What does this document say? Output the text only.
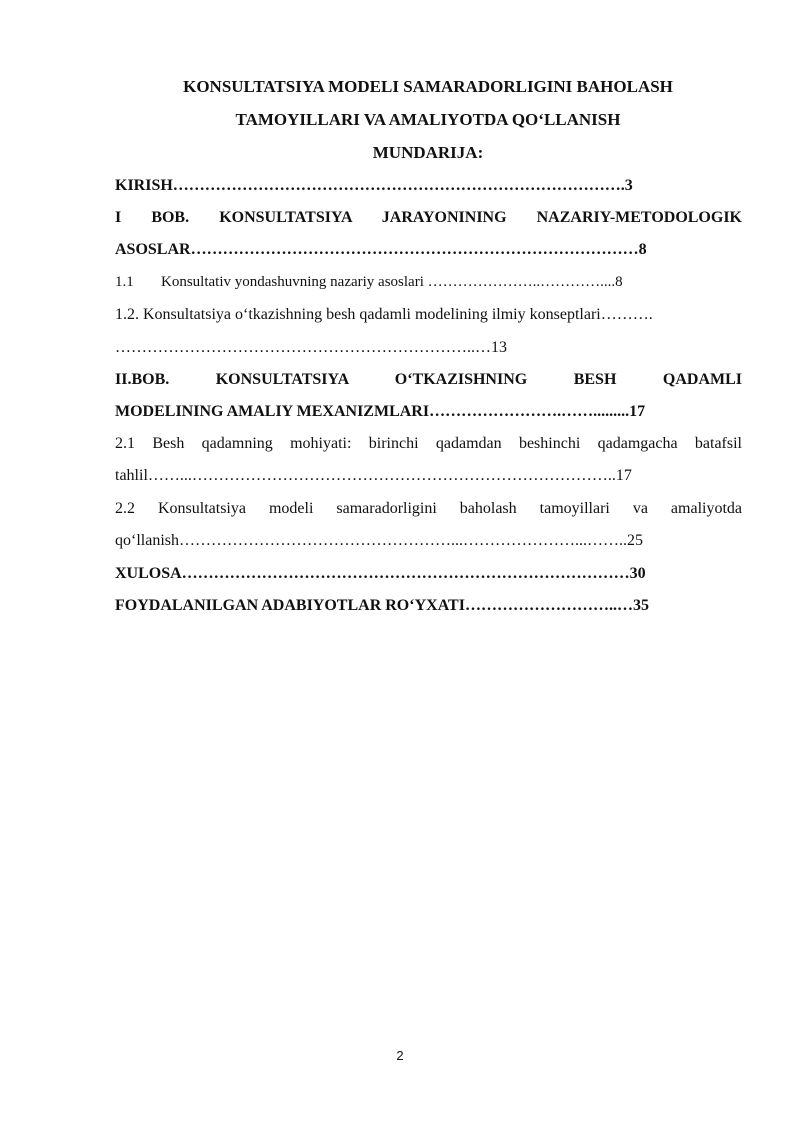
KONSULTATSIYA MODELI SAMARADORLIGINI BAHOLASH
TAMOYILLARI VA AMALIYOTDA QO‘LLANISH
MUNDARIJA:
KIRISH………………………………………………………………………….3
I BOB. KONSULTATSIYA JARAYONINING NAZARIY-METODOLOGIK
ASOSLAR…………………………………………………………………………8
1.1 Konsultativ yondashuvning nazariy asoslari …………………..…………....8
1.2. Konsultatsiya o‘tkazishning besh qadamli modelining ilmiy konseptlari……….
…………………………………………………………..…13
II.BOB. KONSULTATSIYA O‘TKAZISHNING BESH QADAMLI
MODELINING AMALIY MEXANIZMLARI…………………….…….........17
2.1 Besh qadamning mohiyati: birinchi qadamdan beshinchi qadamgacha batafsil
tahlil……...……………………………………………………………………..17
2.2 Konsultatsiya modeli samaradorligini baholash tamoyillari va amaliyotda
qo‘llanish……………………………………………...…………………...……..25
XULOSA…………………………………………………………………………30
FOYDALANILGAN ADABIYOTLAR RO‘YXATI………………………..…35
2
